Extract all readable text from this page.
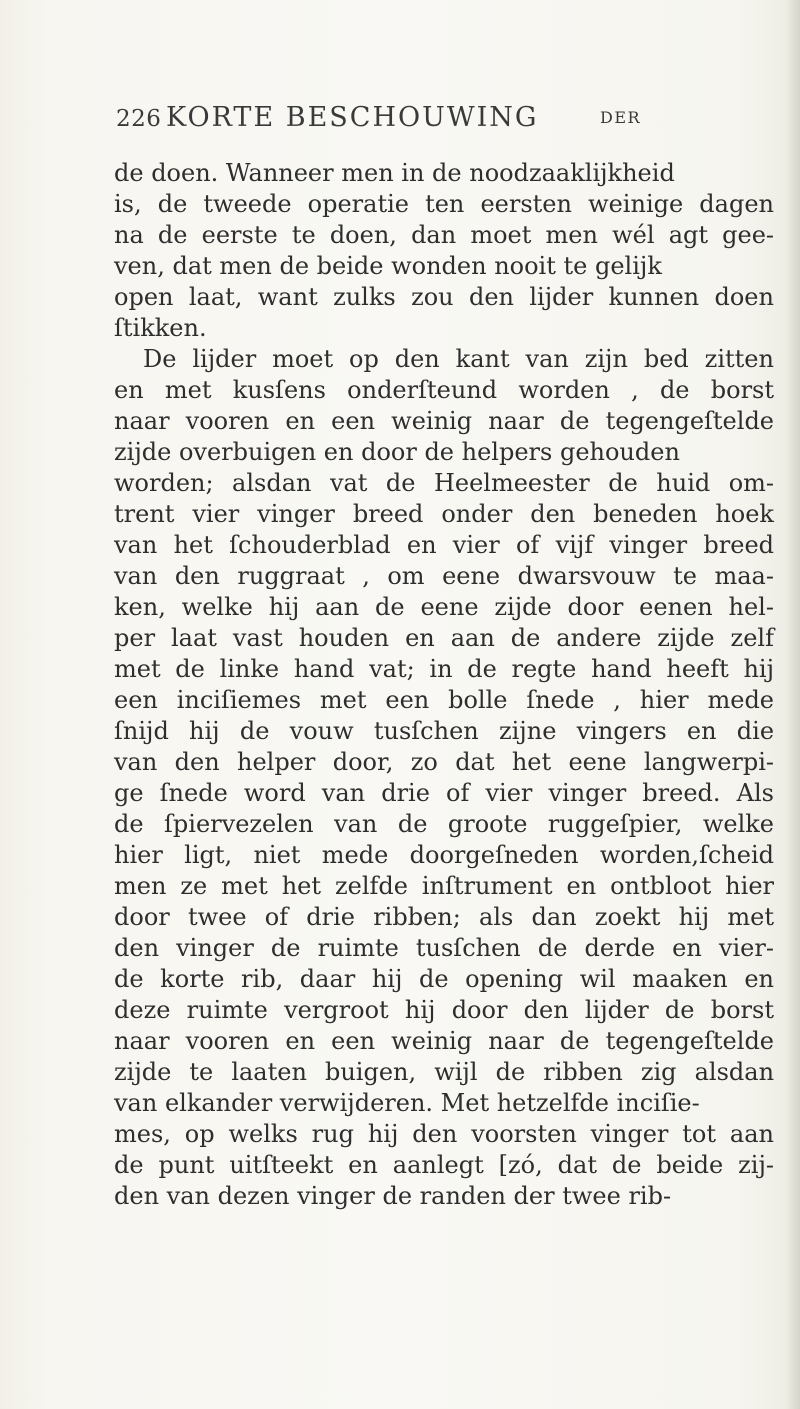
226 KORTE BESCHOUWING	DER
de doen. Wanneer men in de noodzaaklijkheid
is, de tweede operatie ten eersten weinige dagen
na de eerste te doen, dan moet men wél agt gee-
ven, dat men de beide wonden nooit te gelijk
open laat, want zulks zou den lijder kunnen doen
ſtikken.
De lijder moet op den kant van zijn bed zitten
en met kusſens onderſteund worden , de borst
naar vooren en een weinig naar de tegengeſtelde
zijde overbuigen en door de helpers gehouden
worden; alsdan vat de Heelmeester de huid om-
trent vier vinger breed onder den beneden hoek
van het ſchouderblad en vier of vijf vinger breed
van den ruggraat , om eene dwarsvouw te maa-
ken, welke hij aan de eene zijde door eenen hel-
per laat vast houden en aan de andere zijde zelf
met de linke hand vat; in de regte hand heeft hij
een inciſiemes met een bolle ſnede , hier mede
ſnijd hij de vouw tusſchen zijne vingers en die
van den helper door, zo dat het eene langwerpi-
ge ſnede word van drie of vier vinger breed. Als
de ſpiervezelen van de groote ruggeſpier, welke
hier ligt, niet mede doorgeſneden worden,ſcheid
men ze met het zelfde inſtrument en ontbloot hier
door twee of drie ribben; als dan zoekt hij met
den vinger de ruimte tusſchen de derde en vier-
de korte rib, daar hij de opening wil maaken en
deze ruimte vergroot hij door den lijder de borst
naar vooren en een weinig naar de tegengeſtelde
zijde te laaten buigen, wijl de ribben zig alsdan
van elkander verwijderen. Met hetzelfde inciſie-
mes, op welks rug hij den voorsten vinger tot aan
de punt uitſteekt en aanlegt [zó, dat de beide zij-
den van dezen vinger de randen der twee rib-
